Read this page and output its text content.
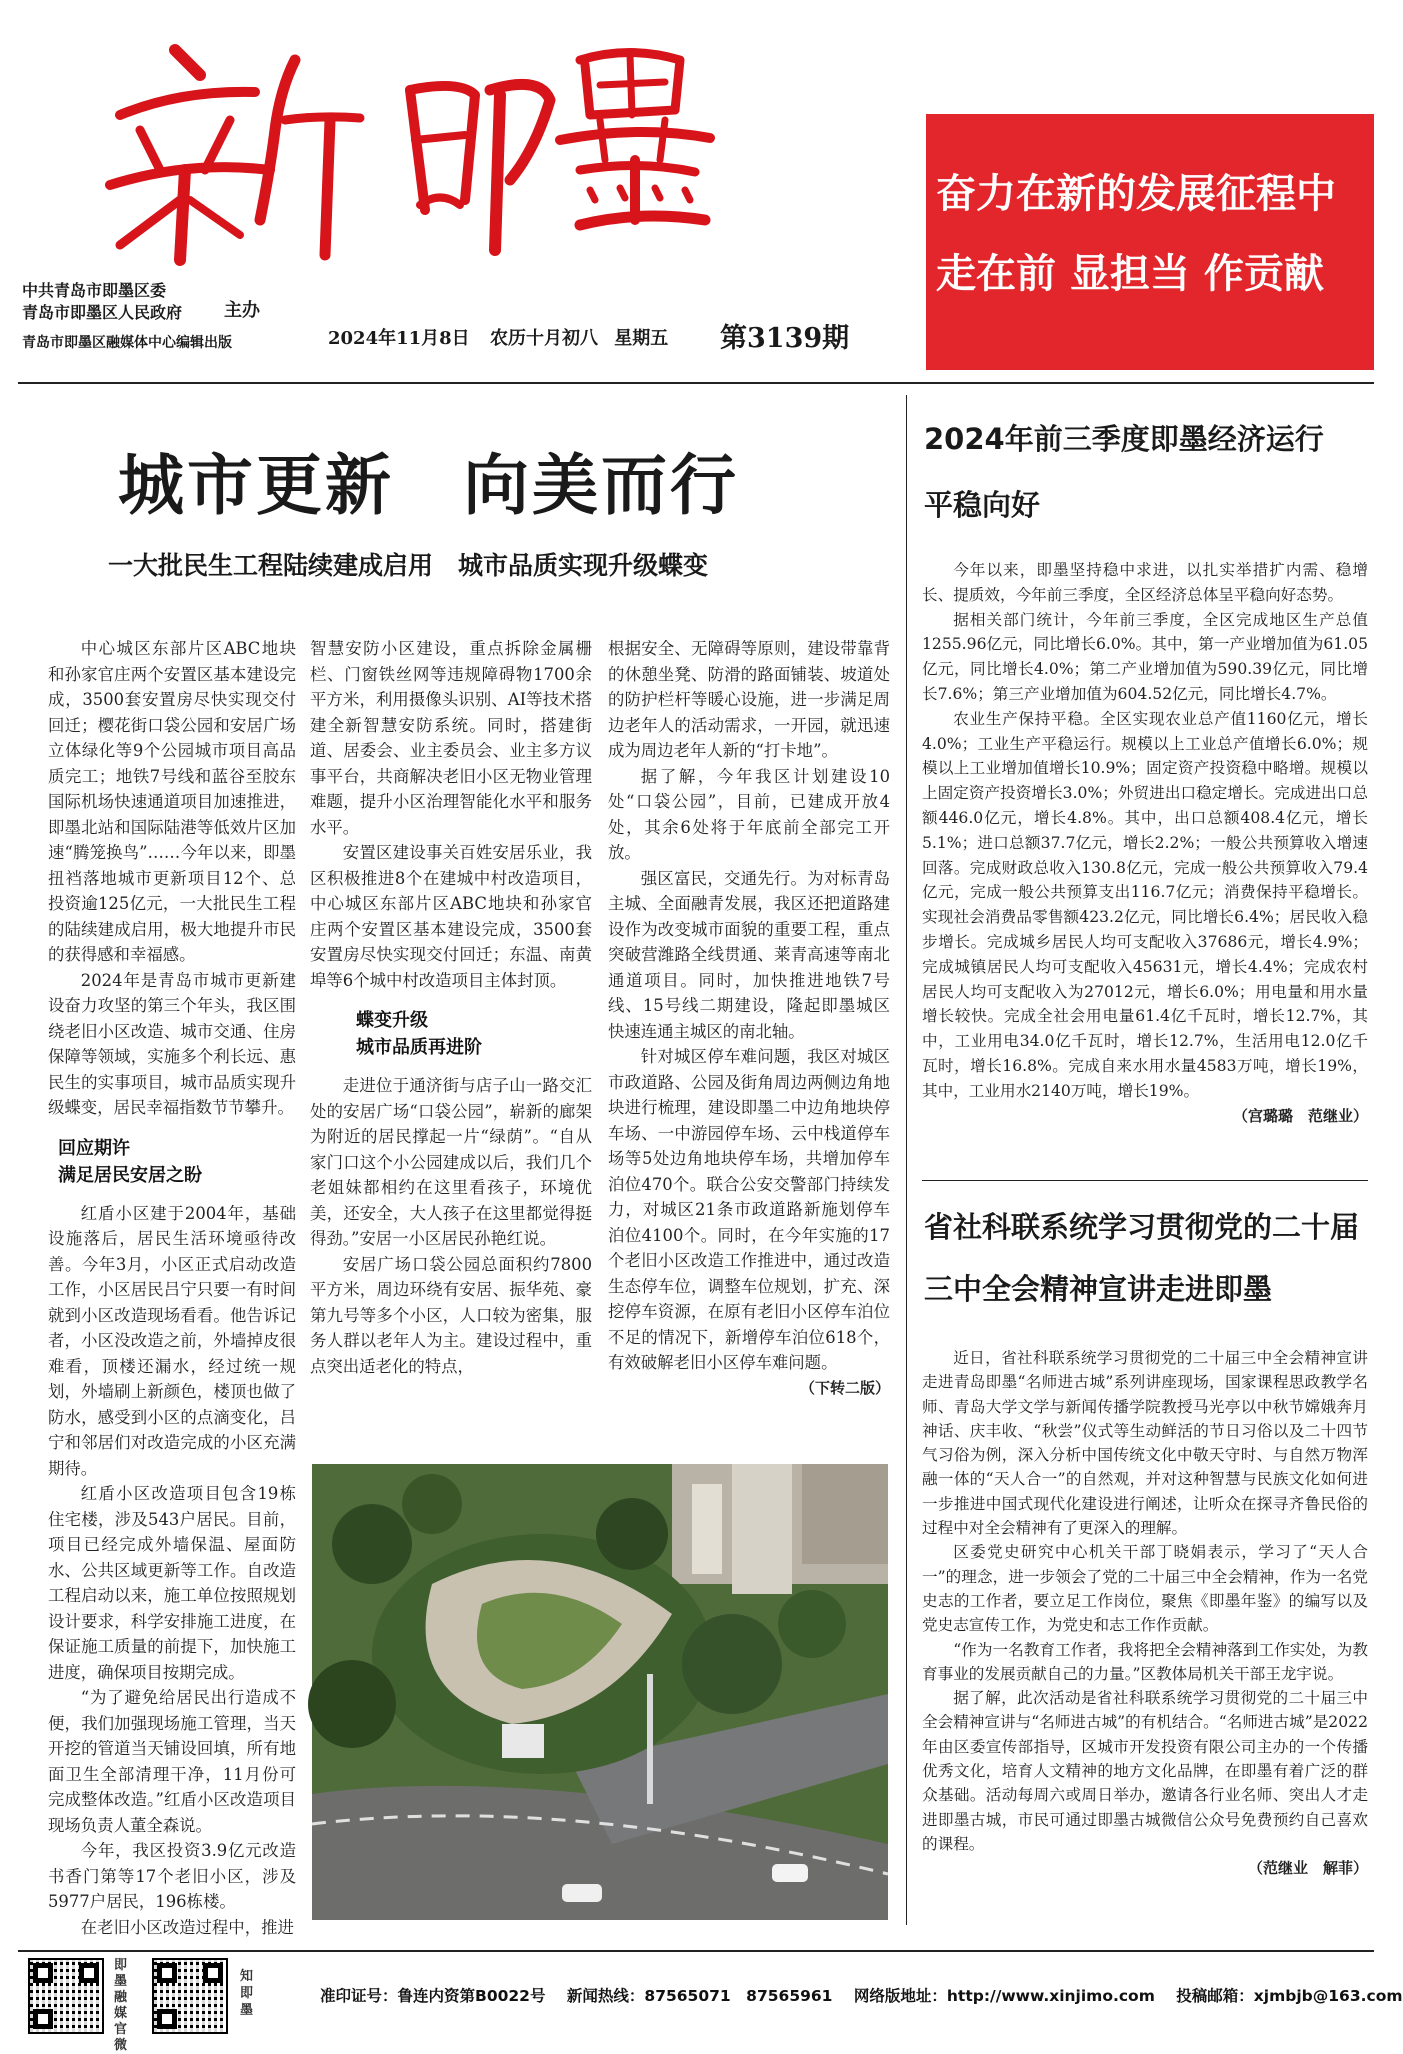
中共青岛市即墨区委
青岛市即墨区人民政府	主办
青岛市即墨区融媒体中心编辑出版	2024年11月8日 农历十月初八 星期五 第3139期
奋力在新的发展征程中
走在前 显担当 作贡献
城市更新　向美而行
一大批民生工程陆续建成启用　城市品质实现升级蝶变

中心城区东部片区ABC地块和孙家官庄两个安置区基本建设完成，3500套安置房尽快实现交付回迁；樱花街口袋公园和安居广场立体绿化等9个公园城市项目高品质完工；地铁7号线和蓝谷至胶东国际机场快速通道项目加速推进，即墨北站和国际陆港等低效片区加速“腾笼换鸟”……今年以来，即墨扭裆落地城市更新项目12个、总投资逾125亿元，一大批民生工程的陆续建成启用，极大地提升市民的获得感和幸福感。

2024年是青岛市城市更新建设奋力攻坚的第三个年头，我区围绕老旧小区改造、城市交通、住房保障等领域，实施多个利长远、惠民生的实事项目，城市品质实现升级蝶变，居民幸福指数节节攀升。

回应期许
满足居民安居之盼

红盾小区建于2004年，基础设施落后，居民生活环境亟待改善。今年3月，小区正式启动改造工作，小区居民吕宁只要一有时间就到小区改造现场看看。他告诉记者，小区没改造之前，外墙掉皮很难看，顶楼还漏水，经过统一规划，外墙刷上新颜色，楼顶也做了防水，感受到小区的点滴变化，吕宁和邻居们对改造完成的小区充满期待。

红盾小区改造项目包含19栋住宅楼，涉及543户居民。目前，项目已经完成外墙保温、屋面防水、公共区域更新等工作。自改造工程启动以来，施工单位按照规划设计要求，科学安排施工进度，在保证施工质量的前提下，加快施工进度，确保项目按期完成。

“为了避免给居民出行造成不便，我们加强现场施工管理，当天开挖的管道当天铺设回填，所有地面卫生全部清理干净，11月份可完成整体改造。”红盾小区改造项目现场负责人董全森说。

今年，我区投资3.9亿元改造书香门第等17个老旧小区，涉及5977户居民，196栋楼。

在老旧小区改造过程中，推进

智慧安防小区建设，重点拆除金属栅栏、门窗铁丝网等违规障碍物1700余平方米，利用摄像头识别、AI等技术搭建全新智慧安防系统。同时，搭建街道、居委会、业主委员会、业主多方议事平台，共商解决老旧小区无物业管理难题，提升小区治理智能化水平和服务水平。

安置区建设事关百姓安居乐业，我区积极推进8个在建城中村改造项目，中心城区东部片区ABC地块和孙家官庄两个安置区基本建设完成，3500套安置房尽快实现交付回迁；东温、南黄埠等6个城中村改造项目主体封顶。

蝶变升级
城市品质再进阶

走进位于通济街与店子山一路交汇处的安居广场“口袋公园”，崭新的廊架为附近的居民撑起一片“绿荫”。“自从家门口这个小公园建成以后，我们几个老姐妹都相约在这里看孩子，环境优美，还安全，大人孩子在这里都觉得挺得劲。”安居一小区居民孙艳红说。

安居广场口袋公园总面积约7800平方米，周边环绕有安居、振华苑、豪第九号等多个小区，人口较为密集，服务人群以老年人为主。建设过程中，重点突出适老化的特点，

根据安全、无障碍等原则，建设带靠背的休憩坐凳、防滑的路面铺装、坡道处的防护栏杆等暖心设施，进一步满足周边老年人的活动需求，一开园，就迅速成为周边老年人新的“打卡地”。

据了解，今年我区计划建设10处“口袋公园”，目前，已建成开放4处，其余6处将于年底前全部完工开放。

强区富民，交通先行。为对标青岛主城、全面融青发展，我区还把道路建设作为改变城市面貌的重要工程，重点突破营潍路全线贯通、莱青高速等南北通道项目。同时，加快推进地铁7号线、15号线二期建设，隆起即墨城区快速连通主城区的南北轴。

针对城区停车难问题，我区对城区市政道路、公园及街角周边两侧边角地块进行梳理，建设即墨二中边角地块停车场、一中游园停车场、云中栈道停车场等5处边角地块停车场，共增加停车泊位470个。联合公安交警部门持续发力，对城区21条市政道路新施划停车泊位4100个。同时，在今年实施的17个老旧小区改造工作推进中，通过改造生态停车位，调整车位规划，扩充、深挖停车资源，在原有老旧小区停车泊位不足的情况下，新增停车泊位618个，有效破解老旧小区停车难问题。

（下转二版）

2024年前三季度即墨经济运行平稳向好

今年以来，即墨坚持稳中求进，以扎实举措扩内需、稳增长、提质效，今年前三季度，全区经济总体呈平稳向好态势。

据相关部门统计，今年前三季度，全区完成地区生产总值1255.96亿元，同比增长6.0%。其中，第一产业增加值为61.05亿元，同比增长4.0%；第二产业增加值为590.39亿元，同比增长7.6%；第三产业增加值为604.52亿元，同比增长4.7%。

农业生产保持平稳。全区实现农业总产值1160亿元，增长4.0%；工业生产平稳运行。规模以上工业总产值增长6.0%；规模以上工业增加值增长10.9%；固定资产投资稳中略增。规模以上固定资产投资增长3.0%；外贸进出口稳定增长。完成进出口总额446.0亿元，增长4.8%。其中，出口总额408.4亿元，增长5.1%；进口总额37.7亿元，增长2.2%；一般公共预算收入增速回落。完成财政总收入130.8亿元，完成一般公共预算收入79.4亿元，完成一般公共预算支出116.7亿元；消费保持平稳增长。实现社会消费品零售额423.2亿元，同比增长6.4%；居民收入稳步增长。完成城乡居民人均可支配收入37686元，增长4.9%；完成城镇居民人均可支配收入45631元，增长4.4%；完成农村居民人均可支配收入为27012元，增长6.0%；用电量和用水量增长较快。完成全社会用电量61.4亿千瓦时，增长12.7%，其中，工业用电34.0亿千瓦时，增长12.7%，生活用电12.0亿千瓦时，增长16.8%。完成自来水用水量4583万吨，增长19%，其中，工业用水2140万吨，增长19%。

（宫璐璐　范继业）

省社科联系统学习贯彻党的二十届三中全会精神宣讲走进即墨

近日，省社科联系统学习贯彻党的二十届三中全会精神宣讲走进青岛即墨“名师进古城”系列讲座现场，国家课程思政教学名师、青岛大学文学与新闻传播学院教授马光亭以中秋节嫦娥奔月神话、庆丰收、“秋尝”仪式等生动鲜活的节日习俗以及二十四节气习俗为例，深入分析中国传统文化中敬天守时、与自然万物浑融一体的“天人合一”的自然观，并对这种智慧与民族文化如何进一步推进中国式现代化建设进行阐述，让听众在探寻齐鲁民俗的过程中对全会精神有了更深入的理解。

区委党史研究中心机关干部丁晓娟表示，学习了“天人合一”的理念，进一步领会了党的二十届三中全会精神，作为一名党史志的工作者，要立足工作岗位，聚焦《即墨年鉴》的编写以及党史志宣传工作，为党史和志工作作贡献。

“作为一名教育工作者，我将把全会精神落到工作实处，为教育事业的发展贡献自己的力量。”区教体局机关干部王龙宇说。

据了解，此次活动是省社科联系统学习贯彻党的二十届三中全会精神宣讲与“名师进古城”的有机结合。“名师进古城”是2022年由区委宣传部指导，区城市开发投资有限公司主办的一个传播优秀文化，培育人文精神的地方文化品牌，在即墨有着广泛的群众基础。活动每周六或周日举办，邀请各行业名师、突出人才走进即墨古城，市民可通过即墨古城微信公众号免费预约自己喜欢的课程。

（范继业　解菲）

即墨融媒官微
知即墨
准印证号：鲁连内资第B0022号 新闻热线：87565071　87565961 网络版地址：http://www.xinjimo.com 投稿邮箱：xjmbjb@163.com
